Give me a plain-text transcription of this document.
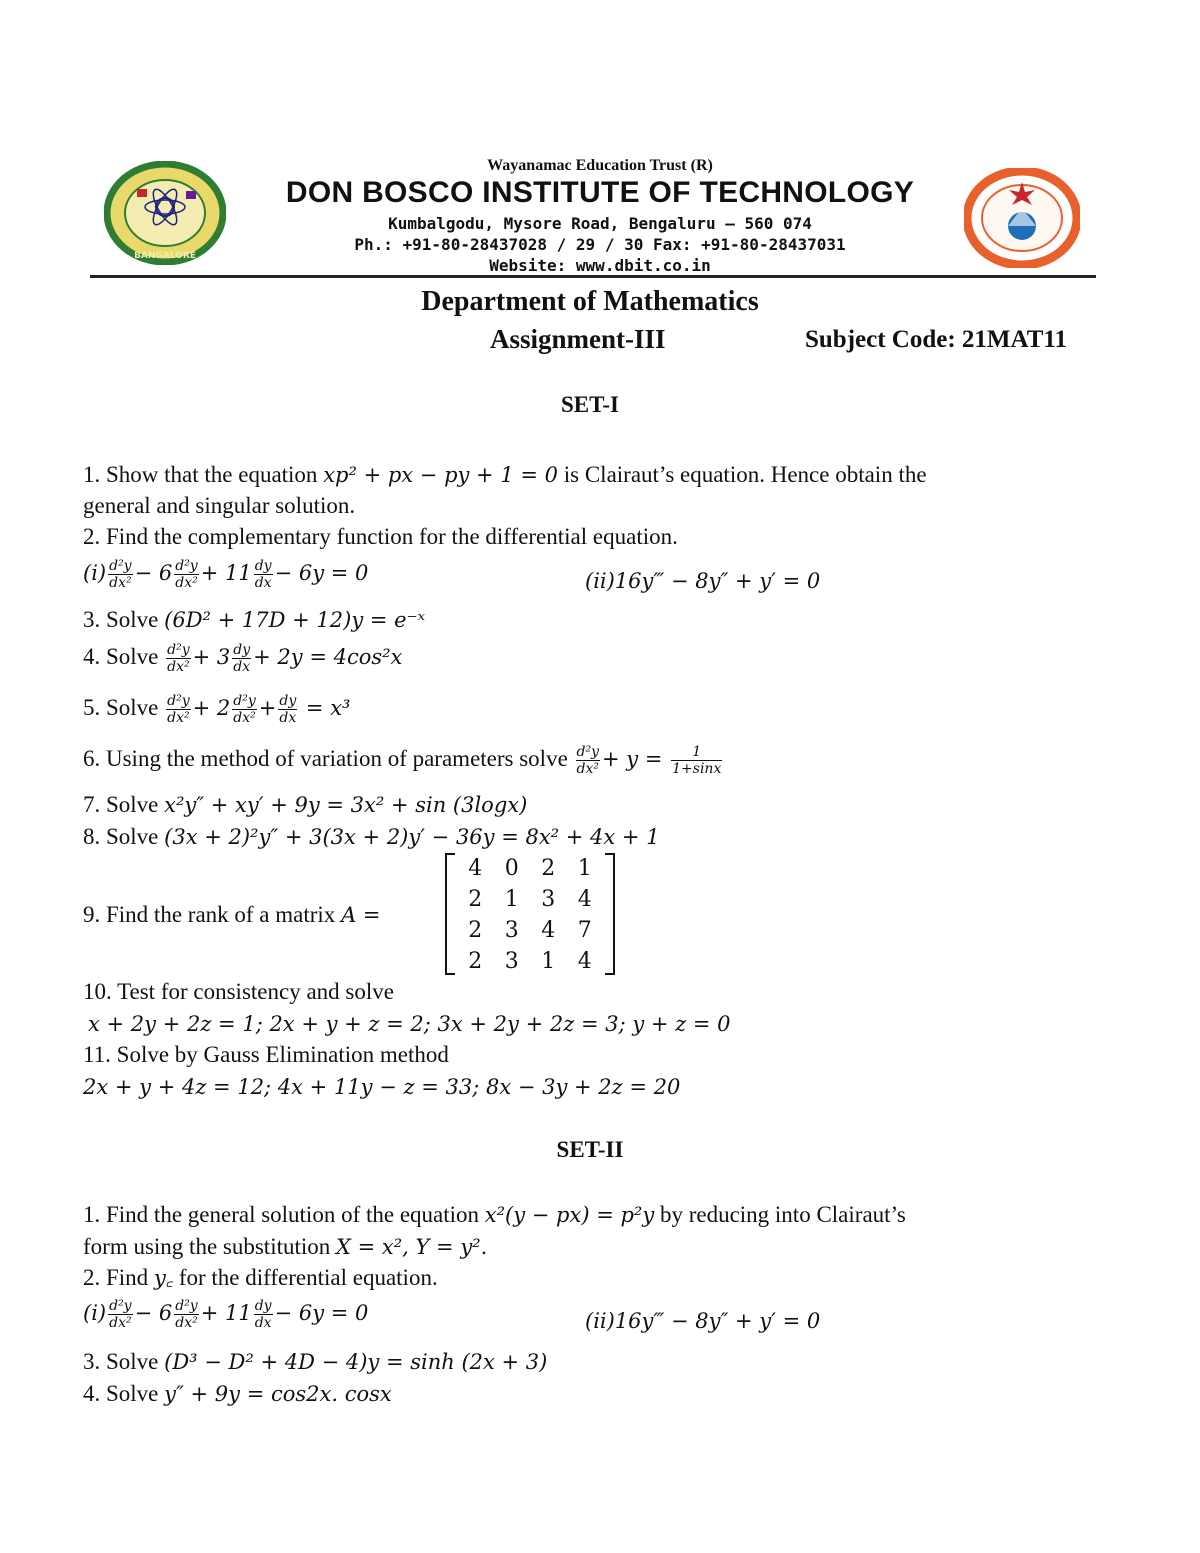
BANGALORE
Wayanamac Education Trust (R)
DON BOSCO INSTITUTE OF TECHNOLOGY
Kumbalgodu, Mysore Road, Bengaluru – 560 074
Ph.: +91-80-28437028 / 29 / 30 Fax: +91-80-28437031
Website: www.dbit.co.in
Department of Mathematics
Assignment-III	Subject Code: 21MAT11
SET-I
1. Show that the equation xp² + px − py + 1 = 0 is Clairaut’s equation. Hence obtain the
general and singular solution.
2. Find the complementary function for the differential equation.
$(i) \frac{\text{d²y}}{\text{dx²}} - 6 \frac{\text{d²y}}{\text{dx²}} + 11 \frac{dy}{dx} - 6y = 0$	(ii)16y‴ − 8y″ + y′ = 0
3. Solve (6D² + 17D + 12)y = e⁻ˣ
4. Solve $\frac{\text{d²y}}{\text{dx²}} + 3 \frac{dy}{dx} + 2y = 4\cos^2x$
5. Solve $\frac{\text{d²y}}{\text{dx²}} + 2 \frac{\text{d²y}}{\text{dx²}} + \frac{dy}{dx} = x^3$
6. Using the method of variation of parameters solve $\frac{\text{d²y}}{\text{dx²}} + y = \frac{1}{1+\sin x}$
7. Solve x²y″ + xy′ + 9y = 3x² + sin (3logx)
8. Solve (3x + 2)²y″ + 3(3x + 2)y′ − 36y = 8x² + 4x + 1
9. Find the rank of a matrix A =
4	0	2	1
2	1	3	4
2	3	4	7
2	3	1	4
10. Test for consistency and solve
x + 2y + 2z = 1; 2x + y + z = 2; 3x + 2y + 2z = 3; y + z = 0
11. Solve by Gauss Elimination method
2x + y + 4z = 12; 4x + 11y − z = 33; 8x − 3y + 2z = 20
SET-II
1. Find the general solution of the equation x²(y − px) = p²y by reducing into Clairaut’s
form using the substitution X = x², Y = y².
2. Find y꜀ for the differential equation.
$(i) \frac{\text{d²y}}{\text{dx²}} - 6 \frac{\text{d²y}}{\text{dx²}} + 11 \frac{dy}{dx} - 6y = 0$	(ii)16y‴ − 8y″ + y′ = 0
3. Solve (D³ − D² + 4D − 4)y = sinh (2x + 3)
4. Solve y″ + 9y = cos2x. cosx
